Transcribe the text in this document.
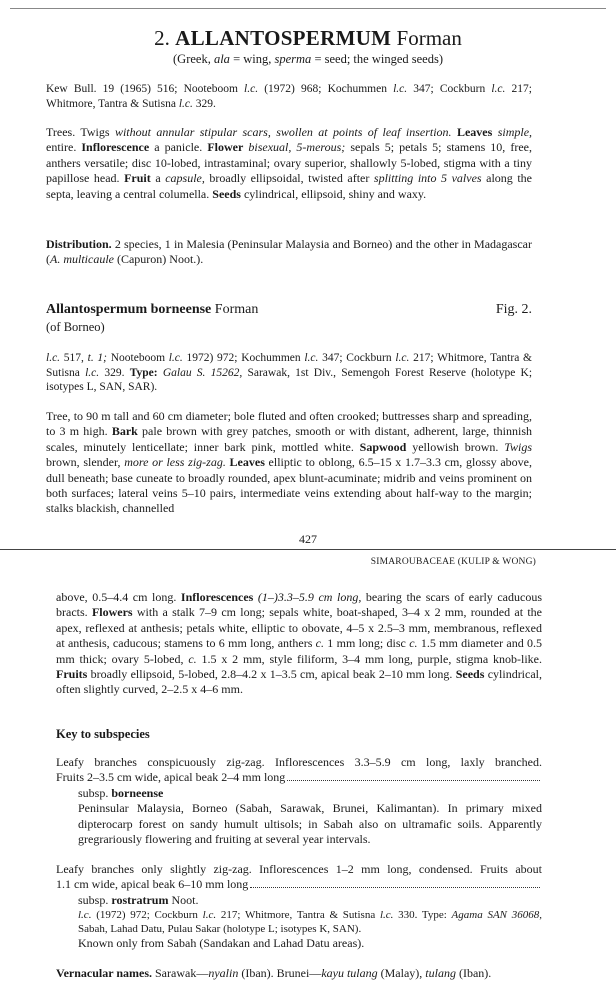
2. ALLANTOSPERMUM Forman
(Greek, ala = wing, sperma = seed; the winged seeds)
Kew Bull. 19 (1965) 516; Nooteboom l.c. (1972) 968; Kochummen l.c. 347; Cockburn l.c. 217; Whitmore, Tantra & Sutisna l.c. 329.
Trees. Twigs without annular stipular scars, swollen at points of leaf insertion. Leaves simple, entire. Inflorescence a panicle. Flower bisexual, 5-merous; sepals 5; petals 5; stamens 10, free, anthers versatile; disc 10-lobed, intrastaminal; ovary superior, shallowly 5-lobed, stigma with a tiny papillose head. Fruit a capsule, broadly ellipsoidal, twisted after splitting into 5 valves along the septa, leaving a central columella. Seeds cylindrical, ellipsoid, shiny and waxy.
Distribution. 2 species, 1 in Malesia (Peninsular Malaysia and Borneo) and the other in Madagascar (A. multicaule (Capuron) Noot.).
Allantospermum borneense Forman	Fig. 2.
(of Borneo)
l.c. 517, t. 1; Nooteboom l.c. 1972) 972; Kochummen l.c. 347; Cockburn l.c. 217; Whitmore, Tantra & Sutisna l.c. 329. Type: Galau S. 15262, Sarawak, 1st Div., Semengoh Forest Reserve (holotype K; isotypes L, SAN, SAR).
Tree, to 90 m tall and 60 cm diameter; bole fluted and often crooked; buttresses sharp and spreading, to 3 m high. Bark pale brown with grey patches, smooth or with distant, adherent, large, thinnish scales, minutely lenticellate; inner bark pink, mottled white. Sapwood yellowish brown. Twigs brown, slender, more or less zig-zag. Leaves elliptic to oblong, 6.5–15 x 1.7–3.3 cm, glossy above, dull beneath; base cuneate to broadly rounded, apex blunt-acuminate; midrib and veins prominent on both surfaces; lateral veins 5–10 pairs, intermediate veins extending about half-way to the margin; stalks blackish, channelled
427
SIMAROUBACEAE (KULIP & WONG)
above, 0.5–4.4 cm long. Inflorescences (1–)3.3–5.9 cm long, bearing the scars of early caducous bracts. Flowers with a stalk 7–9 cm long; sepals white, boat-shaped, 3–4 x 2 mm, rounded at the apex, reflexed at anthesis; petals white, elliptic to obovate, 4–5 x 2.5–3 mm, membranous, reflexed at anthesis, caducous; stamens to 6 mm long, anthers c. 1 mm long; disc c. 1.5 mm diameter and 0.5 mm thick; ovary 5-lobed, c. 1.5 x 2 mm, style filiform, 3–4 mm long, purple, stigma knob-like. Fruits broadly ellipsoid, 5-lobed, 2.8–4.2 x 1–3.5 cm, apical beak 2–10 mm long. Seeds cylindrical, often slightly curved, 2–2.5 x 4–6 mm.
Key to subspecies
Leafy branches conspicuously zig-zag. Inflorescences 3.3–5.9 cm long, laxly branched.
Fruits 2–3.5 cm wide, apical beak 2–4 mm long
subsp. borneense
Peninsular Malaysia, Borneo (Sabah, Sarawak, Brunei, Kalimantan). In primary mixed dipterocarp forest on sandy humult ultisols; in Sabah also on ultramafic soils. Apparently gregrariously flowering and fruiting at several year intervals.
Leafy branches only slightly zig-zag. Inflorescences 1–2 mm long, condensed. Fruits about
1.1 cm wide, apical beak 6–10 mm long
subsp. rostratrum Noot.
l.c. (1972) 972; Cockburn l.c. 217; Whitmore, Tantra & Sutisna l.c. 330. Type: Agama SAN 36068, Sabah, Lahad Datu, Pulau Sakar (holotype L; isotypes K, SAN).
Known only from Sabah (Sandakan and Lahad Datu areas).
Vernacular names. Sarawak—nyalin (Iban). Brunei—kayu tulang (Malay), tulang (Iban).
